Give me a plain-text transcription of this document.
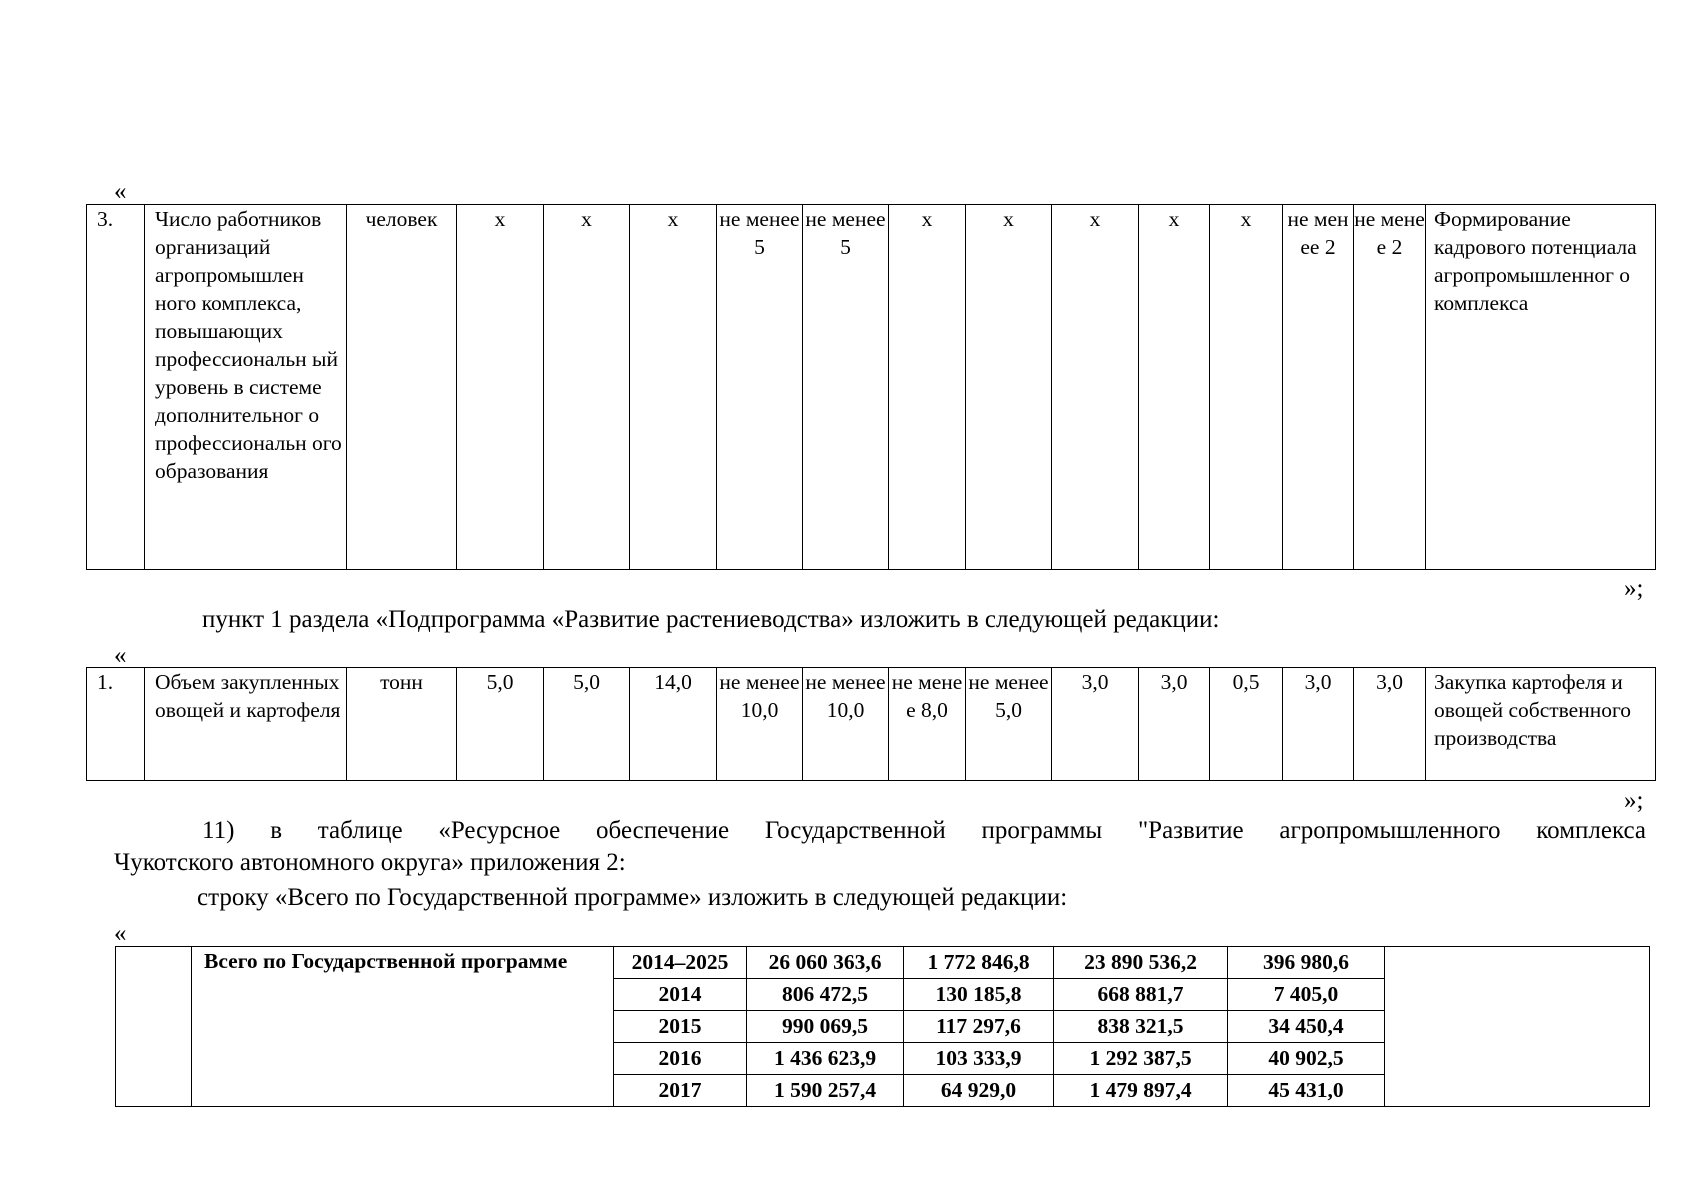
«
3.	Число работников организаций агропромышлен ного комплекса, повышающих профессиональн ый уровень в системе дополнительног о профессиональн ого образования	человек	х	х	х	не менее 5	не менее 5	х	х	х	х	х	не мен ее 2	не мене е 2	Формирование кадрового потенциала агропромышленног о комплекса
»;
пункт 1 раздела «Подпрограмма «Развитие растениеводства» изложить в следующей редакции:
«
1.	Объем закупленных овощей и картофеля	тонн	5,0	5,0	14,0	не менее 10,0	не менее 10,0	не мене е 8,0	не менее 5,0	3,0	3,0	0,5	3,0	3,0	Закупка картофеля и овощей собственного производства
»;
11) в таблице «Ресурсное обеспечение Государственной программы "Развитие агропромышленного комплекса
Чукотского автономного округа» приложения 2:
строку «Всего по Государственной программе» изложить в следующей редакции:
«
	Всего по Государственной программе	2014–2025	26 060 363,6	1 772 846,8	23 890 536,2	396 980,6	
		2014	806 472,5	130 185,8	668 881,7	7 405,0	
		2015	990 069,5	117 297,6	838 321,5	34 450,4	
		2016	1 436 623,9	103 333,9	1 292 387,5	40 902,5	
		2017	1 590 257,4	64 929,0	1 479 897,4	45 431,0	
